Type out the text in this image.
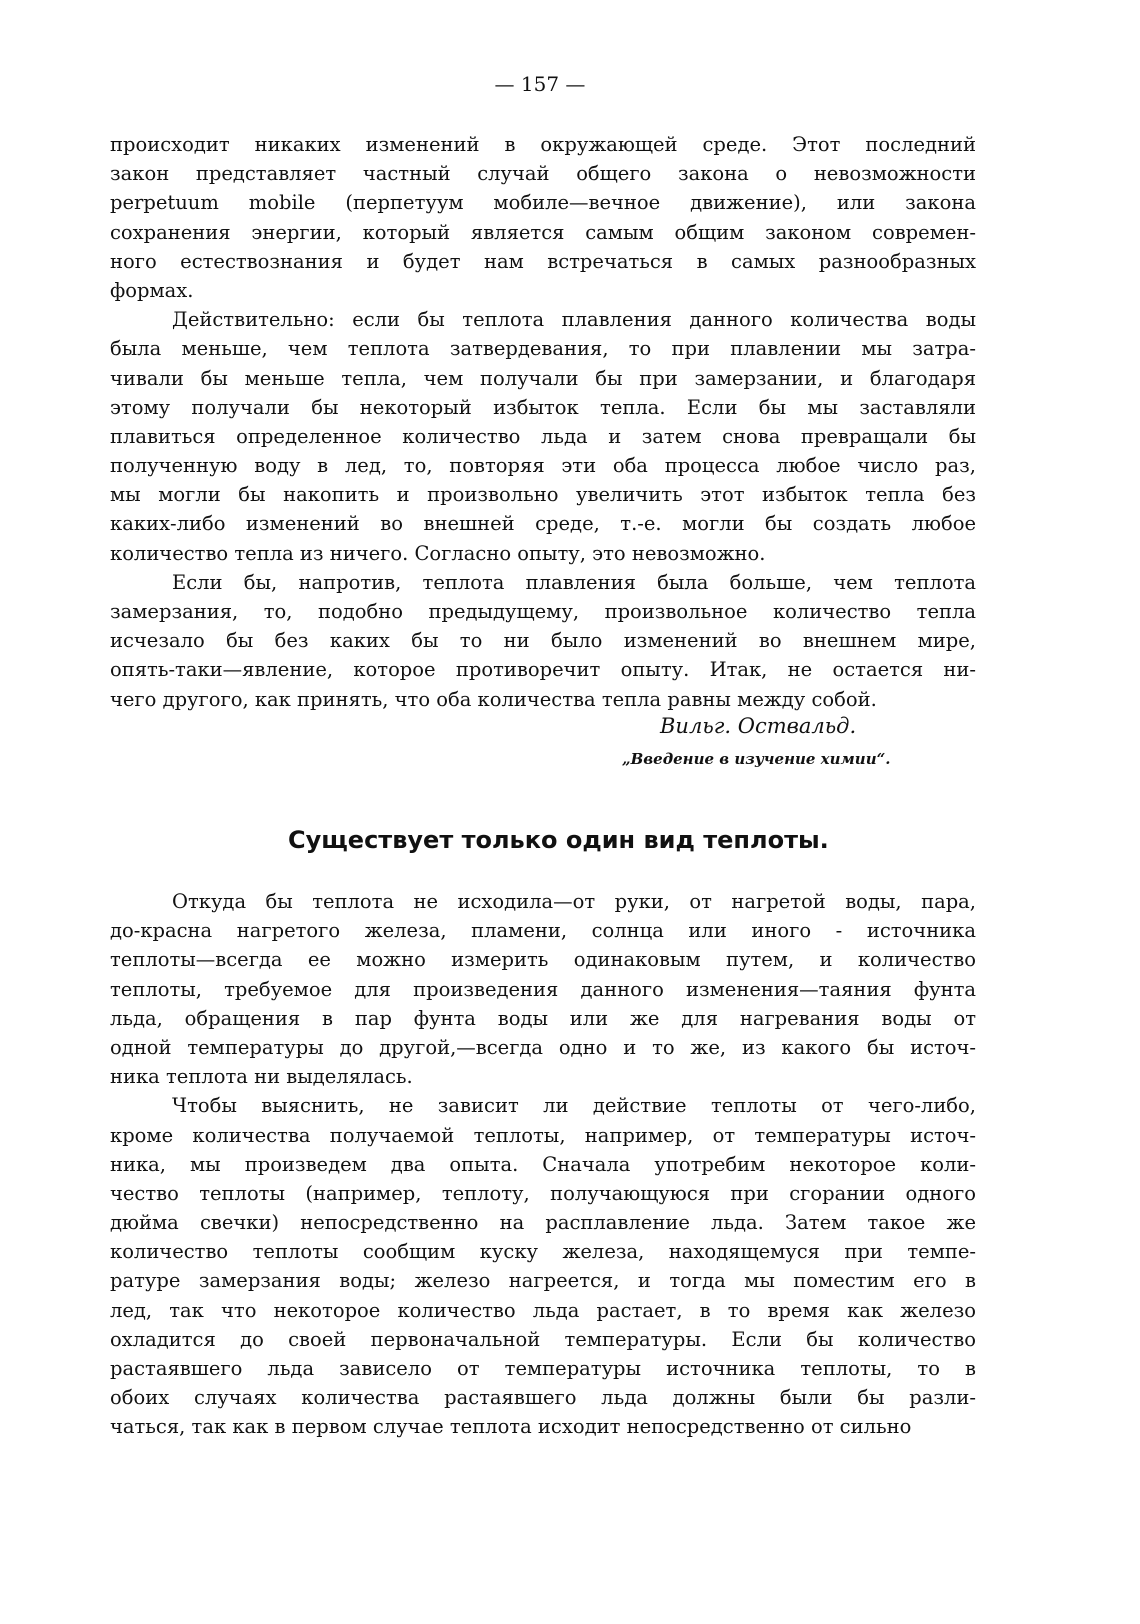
— 157 —
происходит никаких изменений в окружающей среде. Этот последний
закон представляет частный случай общего закона о невозможности
perpetuum mobile (перпетуум мобиле—вечное движение), или закона
сохранения энергии, который является самым общим законом современ-
ного естествознания и будет нам встречаться в самых разнообразных
формах.
Действительно: если бы теплота плавления данного количества воды
была меньше, чем теплота затвердевания, то при плавлении мы затра-
чивали бы меньше тепла, чем получали бы при замерзании, и благодаря
этому получали бы некоторый избыток тепла. Если бы мы заставляли
плавиться определенное количество льда и затем снова превращали бы
полученную воду в лед, то, повторяя эти оба процесса любое число раз,
мы могли бы накопить и произвольно увеличить этот избыток тепла без
каких-либо изменений во внешней среде, т.-е. могли бы создать любое
количество тепла из ничего. Согласно опыту, это невозможно.
Если бы, напротив, теплота плавления была больше, чем теплота
замерзания, то, подобно предыдущему, произвольное количество тепла
исчезало бы без каких бы то ни было изменений во внешнем мире,
опять-таки—явление, которое противоречит опыту. Итак, не остается ни-
чего другого, как принять, что оба количества тепла равны между собой.
Вильг. Оствальд.
„Введение в изучение химии“.
Существует только один вид теплоты.
Откуда бы теплота не исходила—от руки, от нагретой воды, пара,
до-красна нагретого железа, пламени, солнца или иного - источника
теплоты—всегда ее можно измерить одинаковым путем, и количество
теплоты, требуемое для произведения данного изменения—таяния фунта
льда, обращения в пар фунта воды или же для нагревания воды от
одной температуры до другой,—всегда одно и то же, из какого бы источ-
ника теплота ни выделялась.
Чтобы выяснить, не зависит ли действие теплоты от чего-либо,
кроме количества получаемой теплоты, например, от температуры источ-
ника, мы произведем два опыта. Сначала употребим некоторое коли-
чество теплоты (например, теплоту, получающуюся при сгорании одного
дюйма свечки) непосредственно на расплавление льда. Затем такое же
количество теплоты сообщим куску железа, находящемуся при темпе-
ратуре замерзания воды; железо нагреется, и тогда мы поместим его в
лед, так что некоторое количество льда растает, в то время как железо
охладится до своей первоначальной температуры. Если бы количество
растаявшего льда зависело от температуры источника теплоты, то в
обоих случаях количества растаявшего льда должны были бы разли-
чаться, так как в первом случае теплота исходит непосредственно от сильно
